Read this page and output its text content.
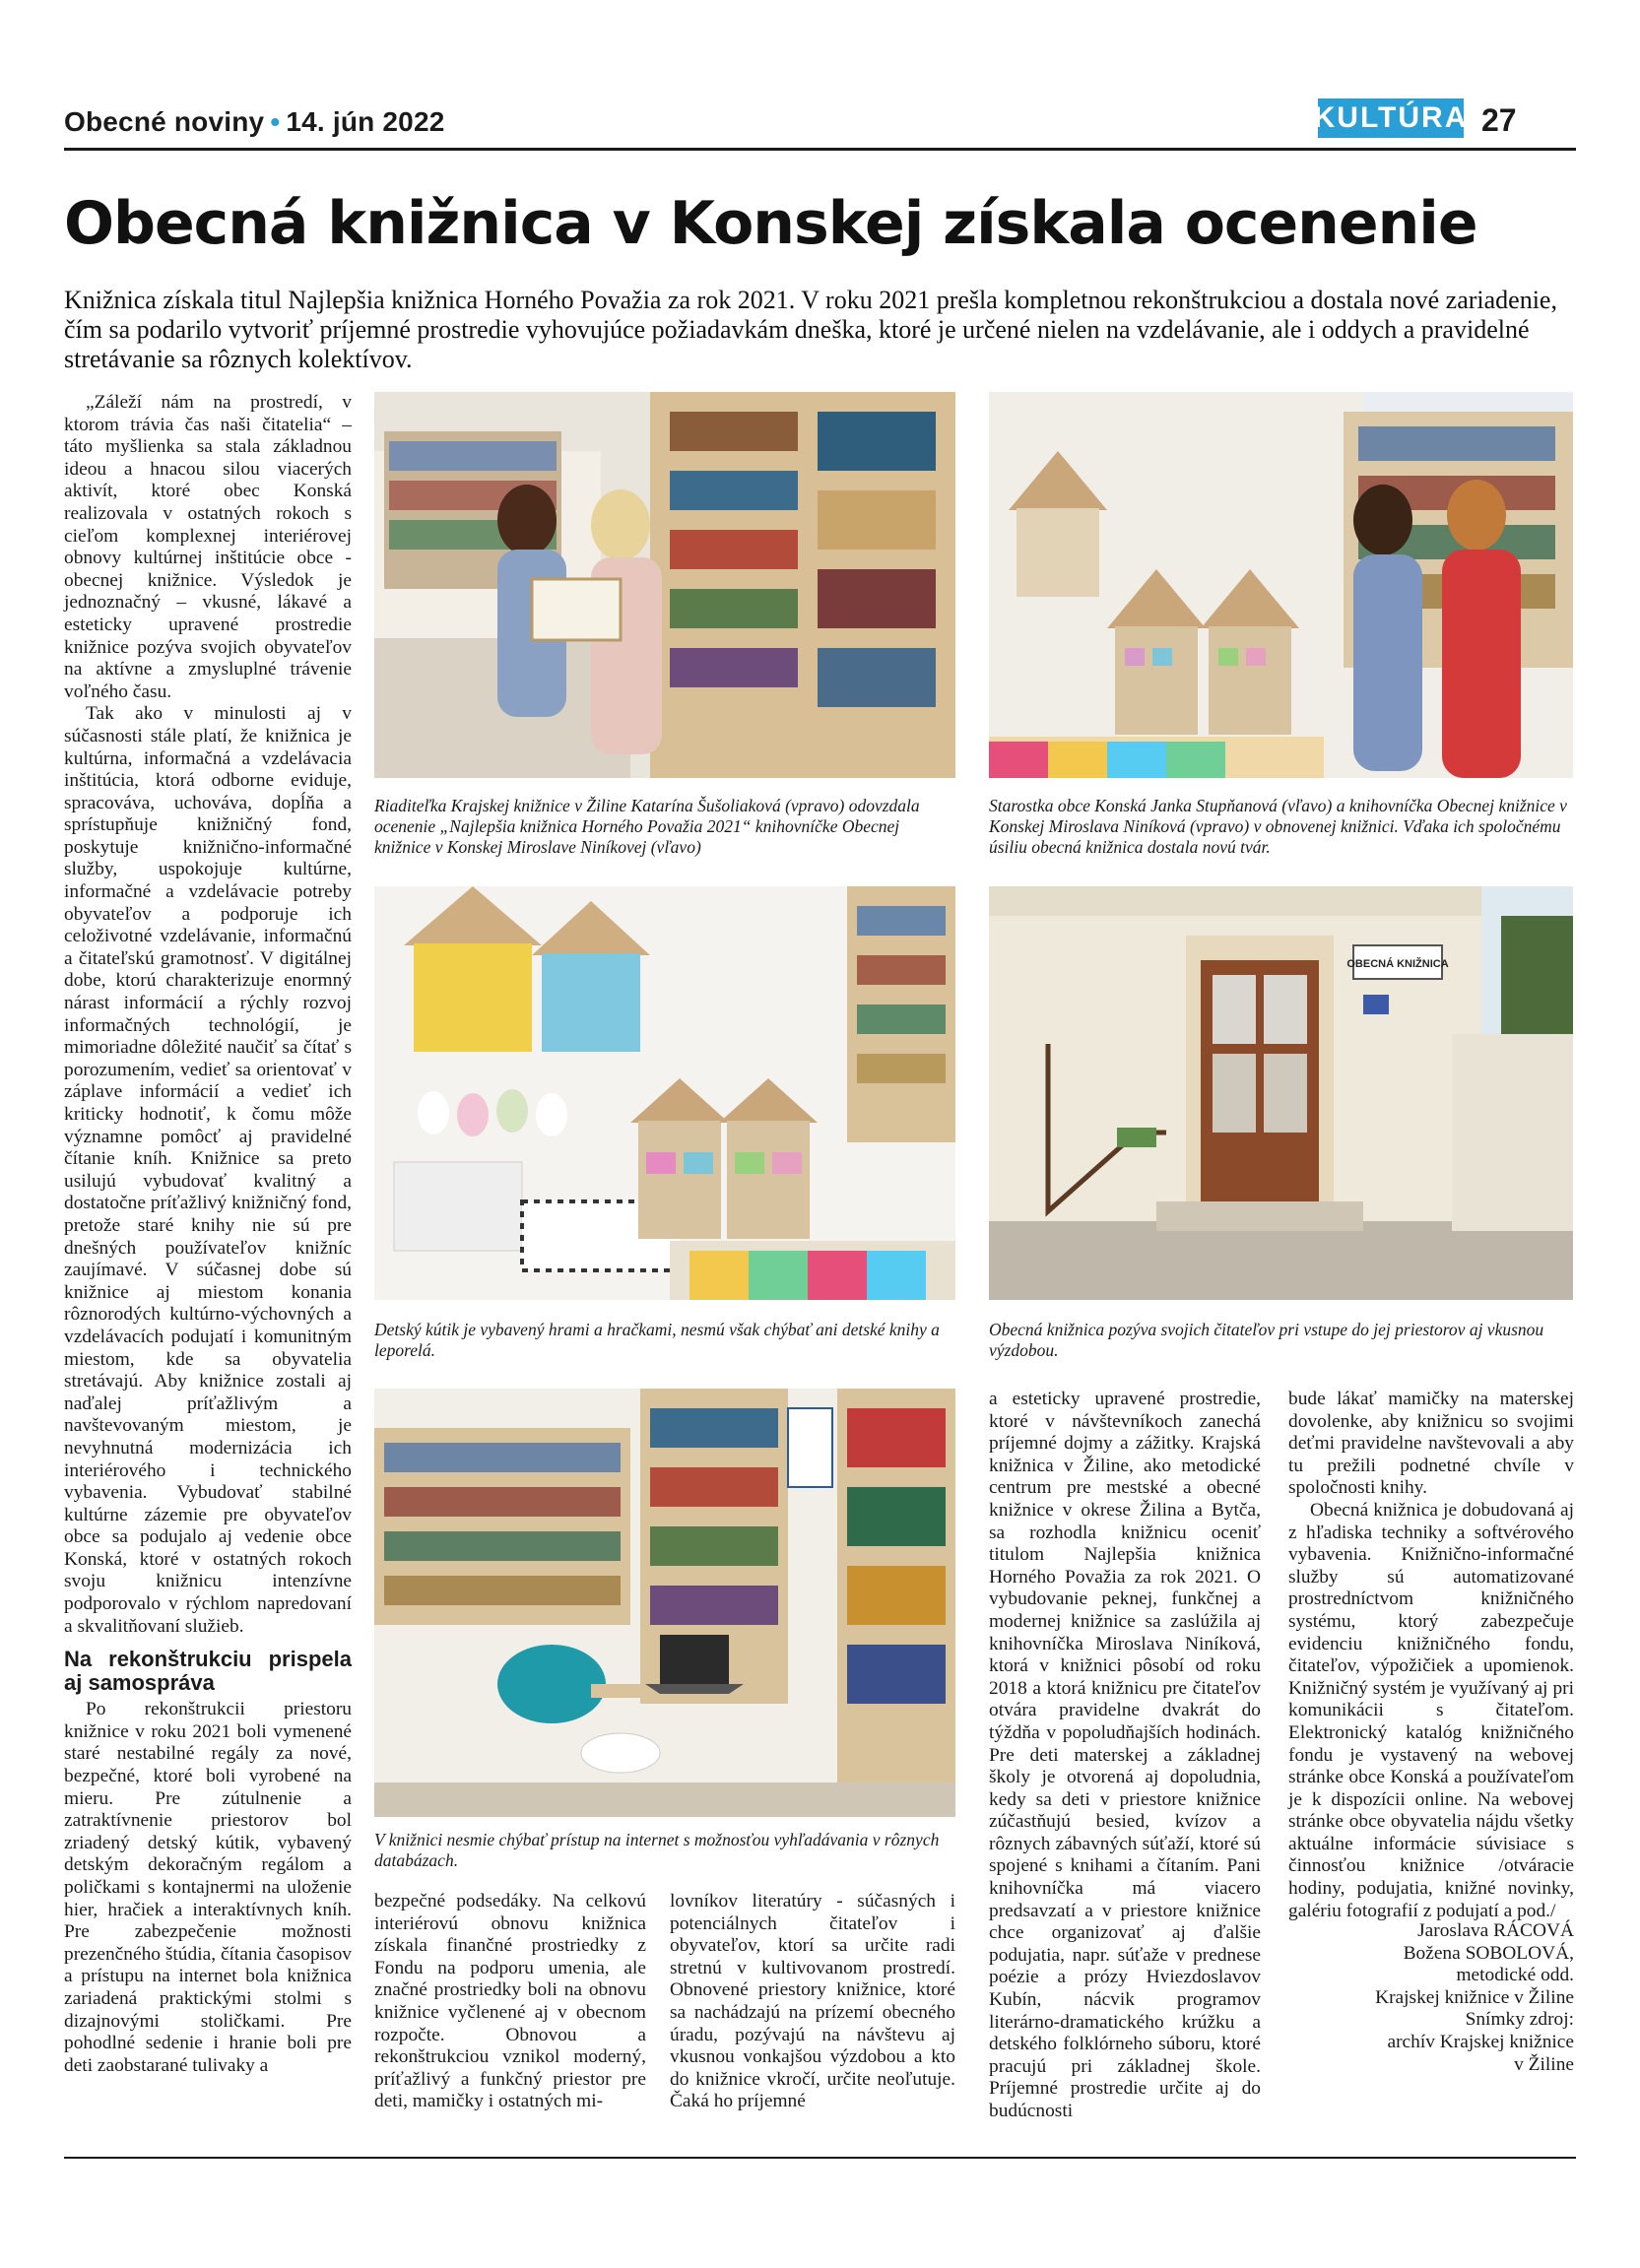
Obecné noviny • 14. jún 2022	KULTÚRA 27
Obecná knižnica v Konskej získala ocenenie
Knižnica získala titul Najlepšia knižnica Horného Považia za rok 2021. V roku 2021 prešla kompletnou rekonštrukciou a dostala nové zariadenie, čím sa podarilo vytvoriť príjemné prostredie vyhovujúce požiadavkám dneška, ktoré je určené nielen na vzdelávanie, ale i oddych a pravidelné stretávanie sa rôznych kolektívov.

„Záleží nám na prostredí, v ktorom trávia čas naši čitatelia“ – táto myšlienka sa stala základnou ideou a hnacou silou viacerých aktivít, ktoré obec Konská realizovala v ostatných rokoch s cieľom komplexnej interiérovej obnovy kultúrnej inštitúcie obce - obecnej knižnice. Výsledok je jednoznačný – vkusné, lákavé a esteticky upravené prostredie knižnice pozýva svojich obyvateľov na aktívne a zmysluplné trávenie voľného času.

Tak ako v minulosti aj v súčasnosti stále platí, že knižnica je kultúrna, informačná a vzdelávacia inštitúcia, ktorá odborne eviduje, spracováva, uchováva, dopĺňa a sprístupňuje knižničný fond, poskytuje knižnično-informačné služby, uspokojuje kultúrne, informačné a vzdelávacie potreby obyvateľov a podporuje ich celoživotné vzdelávanie, informačnú a čitateľskú gramotnosť. V digitálnej dobe, ktorú charakterizuje enormný nárast informácií a rýchly rozvoj informačných technológií, je mimoriadne dôležité naučiť sa čítať s porozumením, vedieť sa orientovať v záplave informácií a vedieť ich kriticky hodnotiť, k čomu môže významne pomôcť aj pravidelné čítanie kníh. Knižnice sa preto usilujú vybudovať kvalitný a dostatočne príťažlivý knižničný fond, pretože staré knihy nie sú pre dnešných používateľov knižníc zaujímavé. V súčasnej dobe sú knižnice aj miestom konania rôznorodých kultúrno-výchovných a vzdelávacích podujatí i komunitným miestom, kde sa obyvatelia stretávajú. Aby knižnice zostali aj naďalej príťažlivým a navštevovaným miestom, je nevyhnutná modernizácia ich interiérového i technického vybavenia. Vybudovať stabilné kultúrne zázemie pre obyvateľov obce sa podujalo aj vedenie obce Konská, ktoré v ostatných rokoch svoju knižnicu intenzívne podporovalo v rýchlom napredovaní a skvalitňovaní služieb.

Na rekonštrukciu prispela aj samospráva

Po rekonštrukcii priestoru knižnice v roku 2021 boli vymenené staré nestabilné regály za nové, bezpečné, ktoré boli vyrobené na mieru. Pre zútulnenie a zatraktívnenie priestorov bol zriadený detský kútik, vybavený detským dekoračným regálom a poličkami s kontajnermi na uloženie hier, hračiek a interaktívnych kníh. Pre zabezpečenie možnosti prezenčného štúdia, čítania časopisov a prístupu na internet bola knižnica zariadená praktickými stolmi s dizajnovými stoličkami. Pre pohodlné sedenie i hranie boli pre deti zaobstarané tulivaky a

Riaditeľka Krajskej knižnice v Žiline Katarína Šušoliaková (vpravo) odovzdala ocenenie „Najlepšia knižnica Horného Považia 2021“ knihovníčke Obecnej knižnice v Konskej Miroslave Niníkovej (vľavo)
Starostka obce Konská Janka Stupňanová (vľavo) a knihovníčka Obecnej knižnice v Konskej Miroslava Niníková (vpravo) v obnovenej knižnici. Vďaka ich spoločnému úsiliu obecná knižnica dostala novú tvár.
OBECNÁ KNIŽNICA
Detský kútik je vybavený hrami a hračkami, nesmú však chýbať ani detské knihy a leporelá.
Obecná knižnica pozýva svojich čitateľov pri vstupe do jej priestorov aj vkusnou výzdobou.
V knižnici nesmie chýbať prístup na internet s možnosťou vyhľadávania v rôznych databázach.

bezpečné podsedáky. Na celkovú interiérovú obnovu knižnica získala finančné prostriedky z Fondu na podporu umenia, ale značné prostriedky boli na obnovu knižnice vyčlenené aj v obecnom rozpočte. Obnovou a rekonštrukciou vznikol moderný, príťažlivý a funkčný priestor pre deti, mamičky i ostatných mi-

lovníkov literatúry - súčasných i potenciálnych čitateľov i obyvateľov, ktorí sa určite radi stretnú v kultivovanom prostredí. Obnovené priestory knižnice, ktoré sa nachádzajú na prízemí obecného úradu, pozývajú na návštevu aj vkusnou vonkajšou výzdobou a kto do knižnice vkročí, určite neoľutuje. Čaká ho príjemné

a esteticky upravené prostredie, ktoré v návštevníkoch zanechá príjemné dojmy a zážitky. Krajská knižnica v Žiline, ako metodické centrum pre mestské a obecné knižnice v okrese Žilina a Bytča, sa rozhodla knižnicu oceniť titulom Najlepšia knižnica Horného Považia za rok 2021. O vybudovanie peknej, funkčnej a modernej knižnice sa zaslúžila aj knihovníčka Miroslava Niníková, ktorá v knižnici pôsobí od roku 2018 a ktorá knižnicu pre čitateľov otvára pravidelne dvakrát do týždňa v popoludňajších hodinách. Pre deti materskej a základnej školy je otvorená aj dopoludnia, kedy sa deti v priestore knižnice zúčastňujú besied, kvízov a rôznych zábavných súťaží, ktoré sú spojené s knihami a čítaním. Pani knihovníčka má viacero predsavzatí a v priestore knižnice chce organizovať aj ďalšie podujatia, napr. súťaže v prednese poézie a prózy Hviezdoslavov Kubín, nácvik programov literárno-dramatického krúžku a detského folklórneho súboru, ktoré pracujú pri základnej škole. Príjemné prostredie určite aj do budúcnosti

bude lákať mamičky na materskej dovolenke, aby knižnicu so svojimi deťmi pravidelne navštevovali a aby tu prežili podnetné chvíle v spoločnosti knihy.

Obecná knižnica je dobudovaná aj z hľadiska techniky a softvérového vybavenia. Knižnično-informačné služby sú automatizované prostredníctvom knižničného systému, ktorý zabezpečuje evidenciu knižničného fondu, čitateľov, výpožičiek a upomienok. Knižničný systém je využívaný aj pri komunikácii s čitateľom. Elektronický katalóg knižničného fondu je vystavený na webovej stránke obce Konská a používateľom je k dispozícii online. Na webovej stránke obce obyvatelia nájdu všetky aktuálne informácie súvisiace s činnosťou knižnice /otváracie hodiny, podujatia, knižné novinky, galériu fotografií z podujatí a pod./

Jaroslava RÁCOVÁ
Božena SOBOLOVÁ,
metodické odd.
Krajskej knižnice v Žiline
Snímky zdroj:
archív Krajskej knižnice
v Žiline
